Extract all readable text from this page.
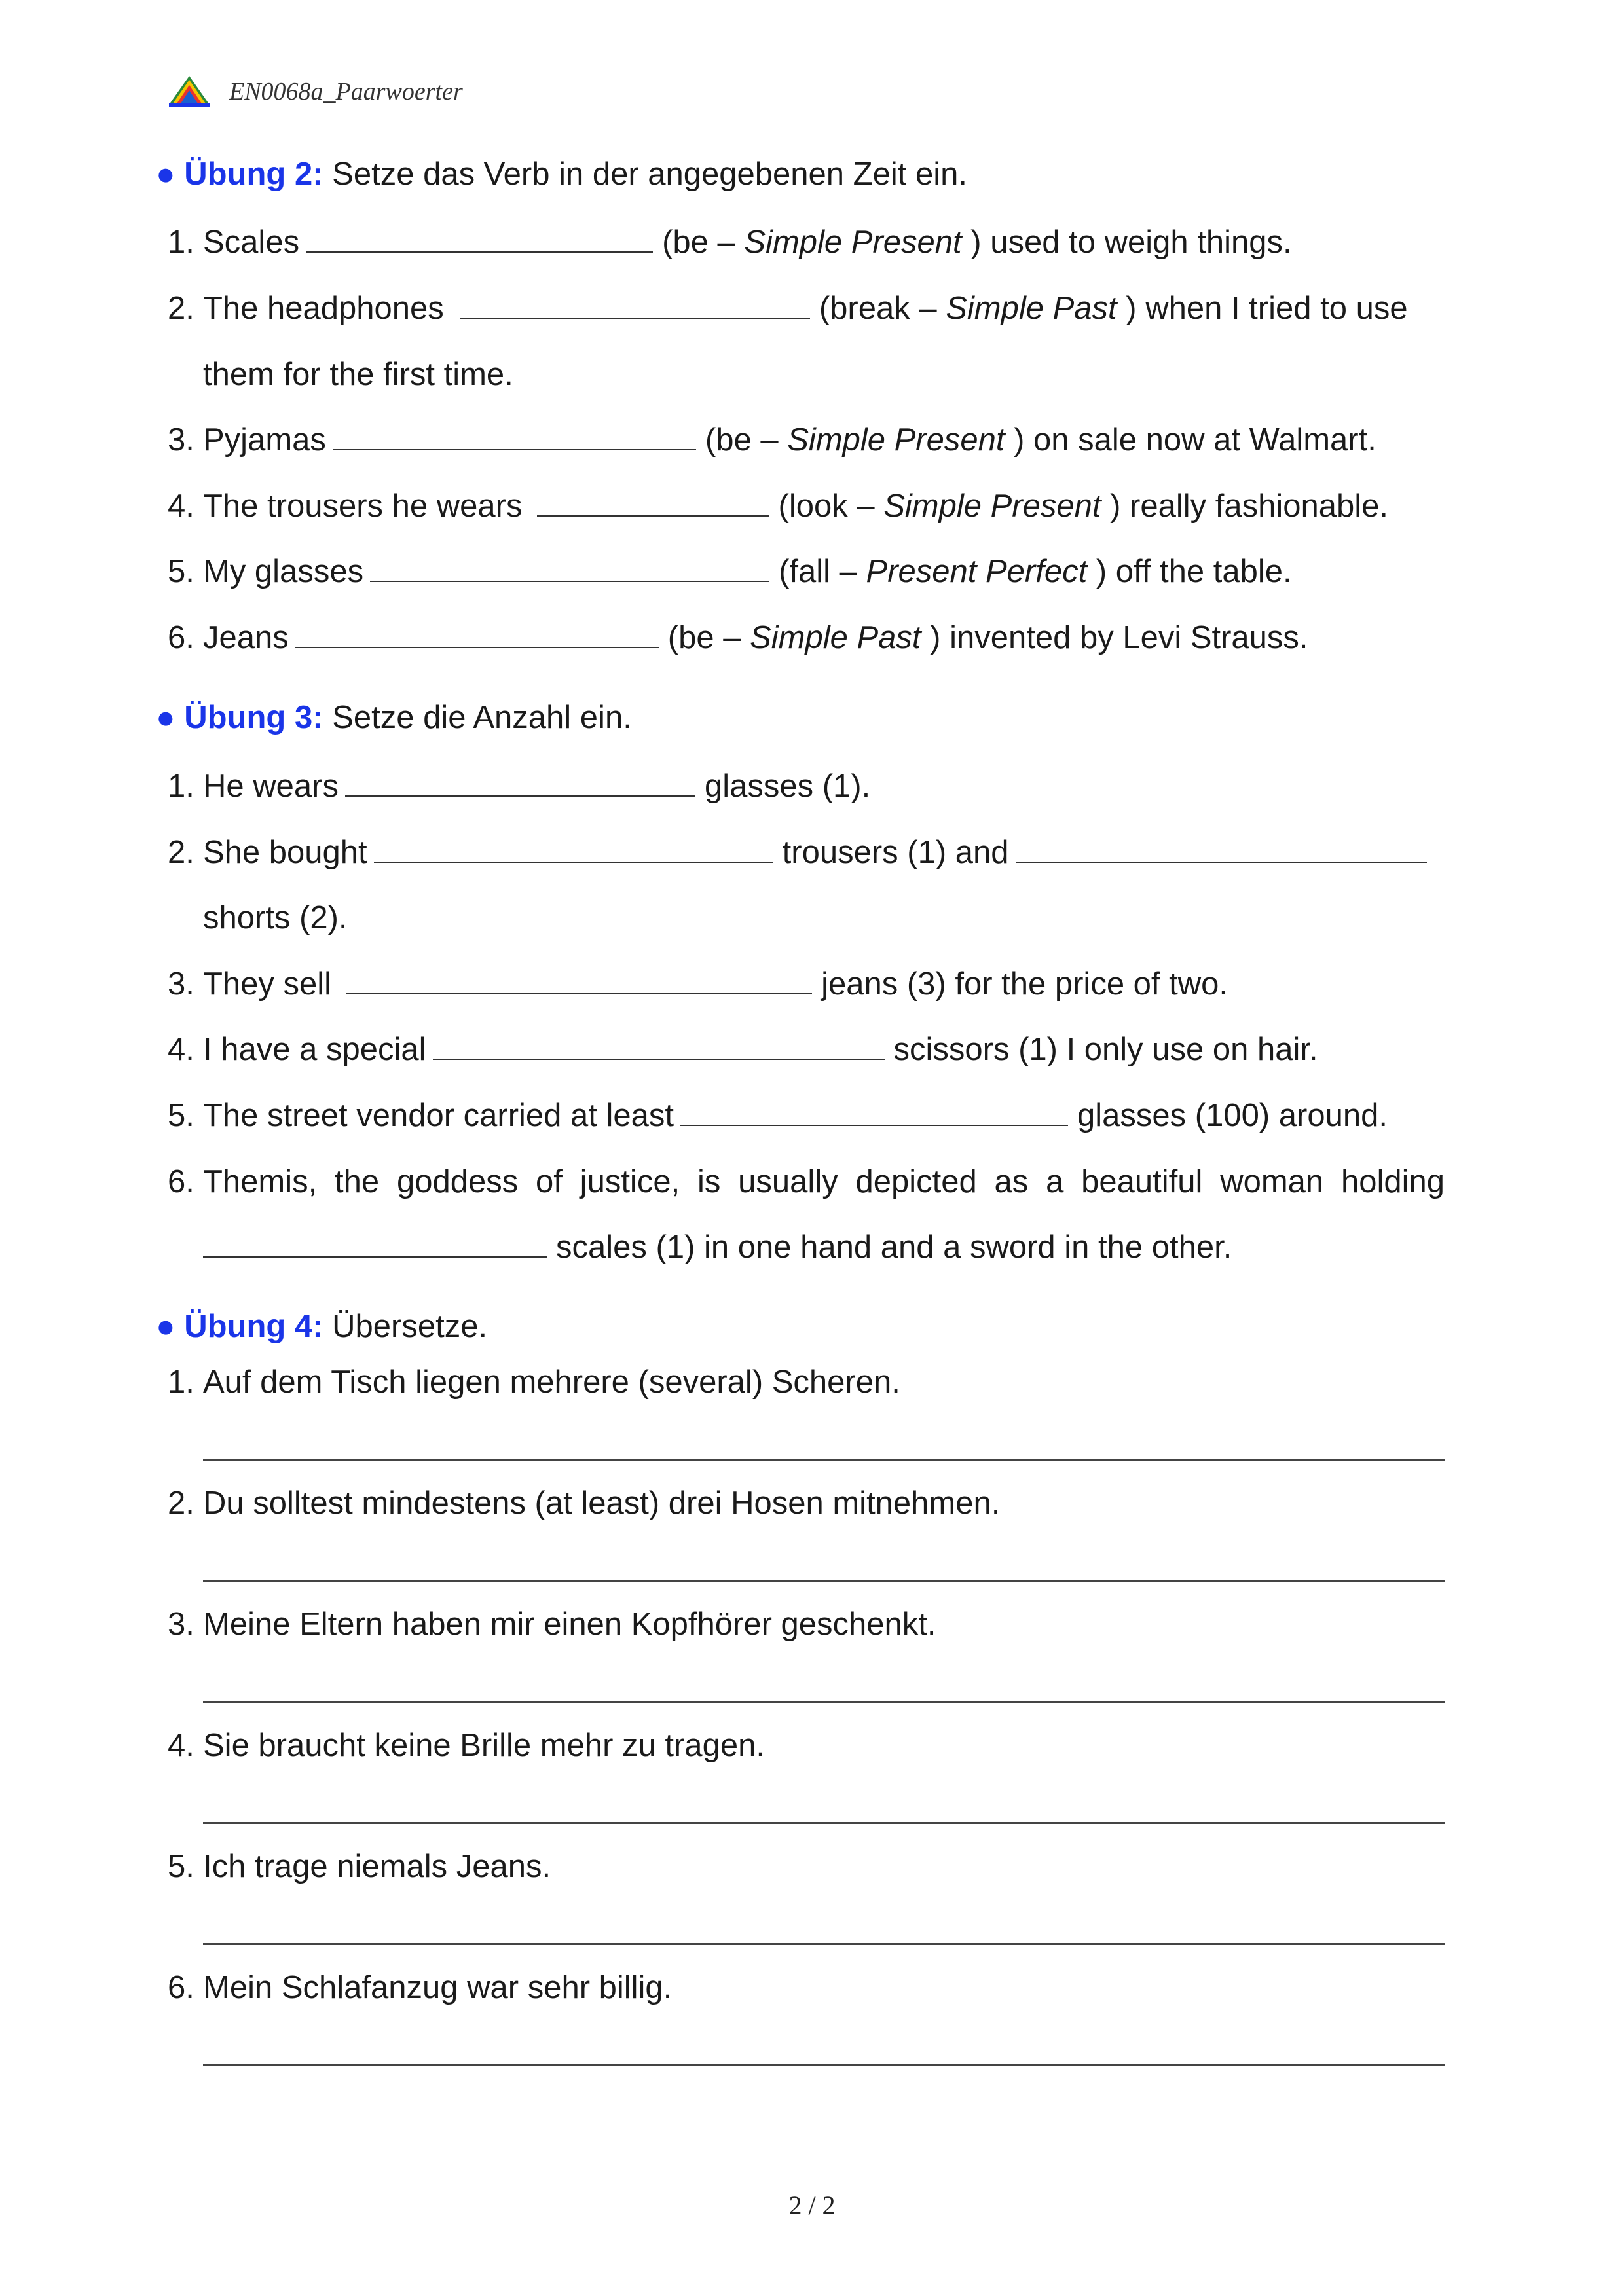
EN0068a_Paarwoerter
● Übung 2: Setze das Verb in der angegebenen Zeit ein.
1. Scales	(be – Simple Present ) used to weigh things.
2. The headphones	(break – Simple Past ) when I tried to use
them for the first time.
3. Pyjamas	(be – Simple Present ) on sale now at Walmart.
4. The trousers he wears	(look – Simple Present ) really fashionable.
5. My glasses	(fall – Present Perfect ) off the table.
6. Jeans	(be – Simple Past ) invented by Levi Strauss.
● Übung 3: Setze die Anzahl ein.
1. He wears	glasses (1).
2. She bought	trousers (1) and
shorts (2).
3. They sell	jeans (3) for the price of two.
4. I have a special	scissors (1) I only use on hair.
5. The street vendor carried at least	glasses (100) around.
6. Themis, the goddess of justice, is usually depicted as a beautiful woman holding
scales (1) in one hand and a sword in the other.
● Übung 4: Übersetze.
1. Auf dem Tisch liegen mehrere (several) Scheren.
2. Du solltest mindestens (at least) drei Hosen mitnehmen.
3. Meine Eltern haben mir einen Kopfhörer geschenkt.
4. Sie braucht keine Brille mehr zu tragen.
5. Ich trage niemals Jeans.
6. Mein Schlafanzug war sehr billig.
2 / 2
